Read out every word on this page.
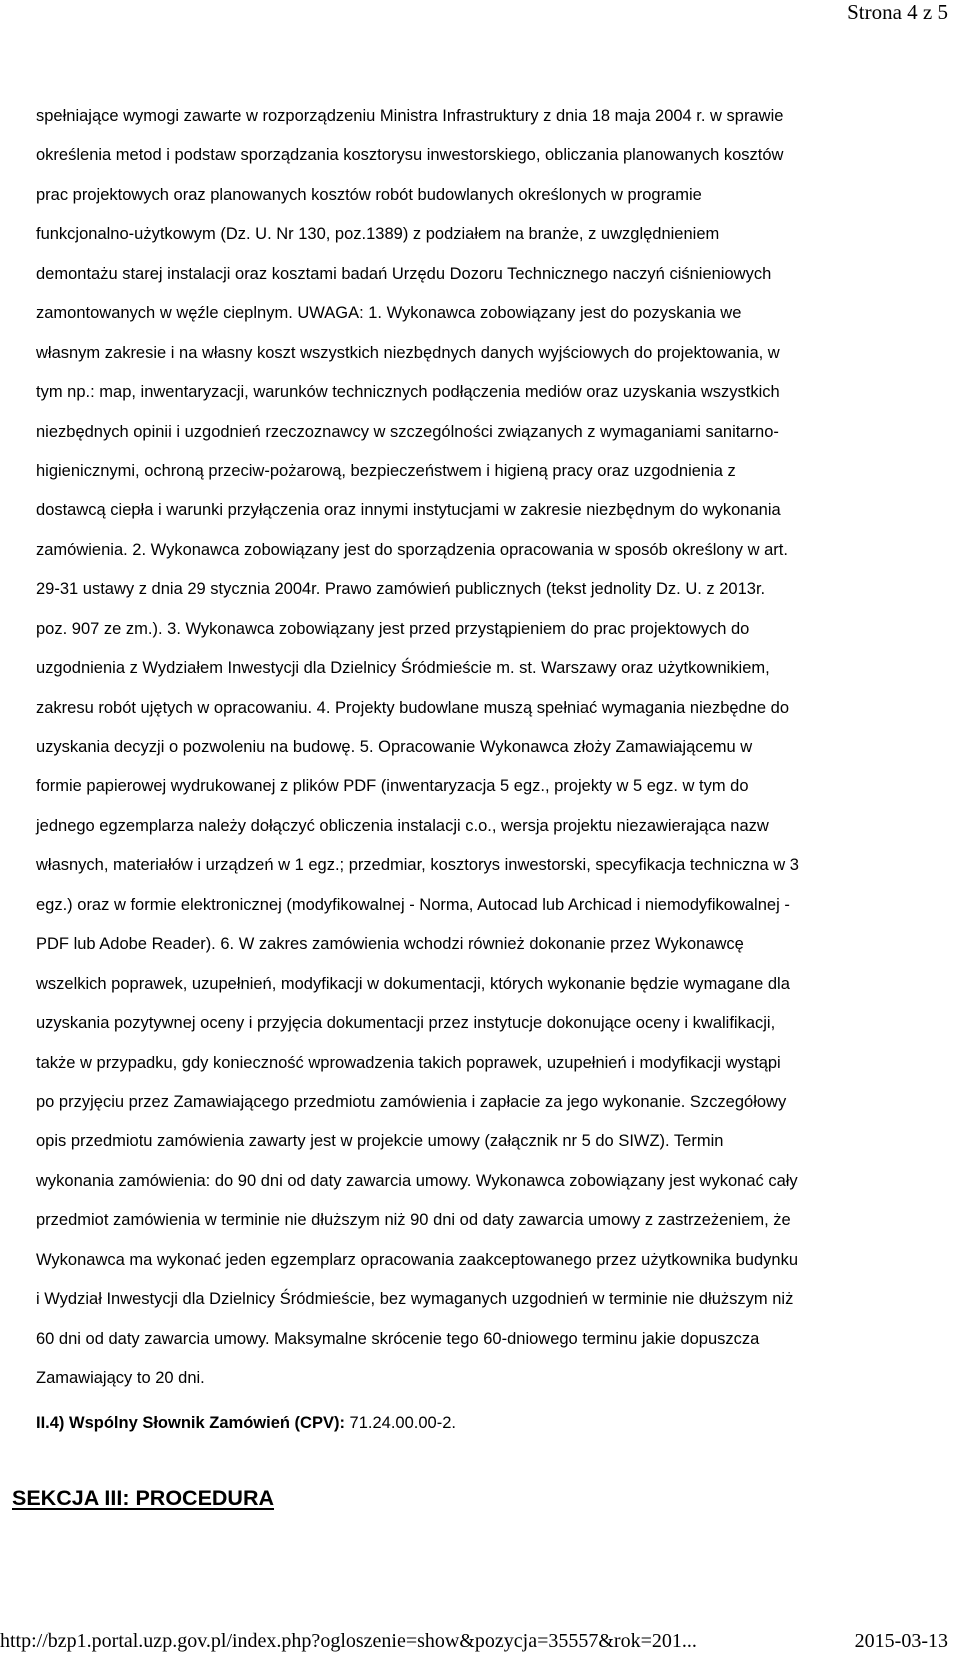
Strona 4 z 5
spełniające wymogi zawarte w rozporządzeniu Ministra Infrastruktury z dnia 18 maja 2004 r. w sprawie
określenia metod i podstaw sporządzania kosztorysu inwestorskiego, obliczania planowanych kosztów
prac projektowych oraz planowanych kosztów robót budowlanych określonych w programie
funkcjonalno-użytkowym (Dz. U. Nr 130, poz.1389) z podziałem na branże, z uwzględnieniem
demontażu starej instalacji oraz kosztami badań Urzędu Dozoru Technicznego naczyń ciśnieniowych
zamontowanych w węźle cieplnym. UWAGA: 1. Wykonawca zobowiązany jest do pozyskania we
własnym zakresie i na własny koszt wszystkich niezbędnych danych wyjściowych do projektowania, w
tym np.: map, inwentaryzacji, warunków technicznych podłączenia mediów oraz uzyskania wszystkich
niezbędnych opinii i uzgodnień rzeczoznawcy w szczególności związanych z wymaganiami sanitarno-
higienicznymi, ochroną przeciw-pożarową, bezpieczeństwem i higieną pracy oraz uzgodnienia z
dostawcą ciepła i warunki przyłączenia oraz innymi instytucjami w zakresie niezbędnym do wykonania
zamówienia. 2. Wykonawca zobowiązany jest do sporządzenia opracowania w sposób określony w art.
29-31 ustawy z dnia 29 stycznia 2004r. Prawo zamówień publicznych (tekst jednolity Dz. U. z 2013r.
poz. 907 ze zm.). 3. Wykonawca zobowiązany jest przed przystąpieniem do prac projektowych do
uzgodnienia z Wydziałem Inwestycji dla Dzielnicy Śródmieście m. st. Warszawy oraz użytkownikiem,
zakresu robót ujętych w opracowaniu. 4. Projekty budowlane muszą spełniać wymagania niezbędne do
uzyskania decyzji o pozwoleniu na budowę. 5. Opracowanie Wykonawca złoży Zamawiającemu w
formie papierowej wydrukowanej z plików PDF (inwentaryzacja 5 egz., projekty w 5 egz. w tym do
jednego egzemplarza należy dołączyć obliczenia instalacji c.o., wersja projektu niezawierająca nazw
własnych, materiałów i urządzeń w 1 egz.; przedmiar, kosztorys inwestorski, specyfikacja techniczna w 3
egz.) oraz w formie elektronicznej (modyfikowalnej - Norma, Autocad lub Archicad i niemodyfikowalnej -
PDF lub Adobe Reader). 6. W zakres zamówienia wchodzi również dokonanie przez Wykonawcę
wszelkich poprawek, uzupełnień, modyfikacji w dokumentacji, których wykonanie będzie wymagane dla
uzyskania pozytywnej oceny i przyjęcia dokumentacji przez instytucje dokonujące oceny i kwalifikacji,
także w przypadku, gdy konieczność wprowadzenia takich poprawek, uzupełnień i modyfikacji wystąpi
po przyjęciu przez Zamawiającego przedmiotu zamówienia i zapłacie za jego wykonanie. Szczegółowy
opis przedmiotu zamówienia zawarty jest w projekcie umowy (załącznik nr 5 do SIWZ). Termin
wykonania zamówienia: do 90 dni od daty zawarcia umowy. Wykonawca zobowiązany jest wykonać cały
przedmiot zamówienia w terminie nie dłuższym niż 90 dni od daty zawarcia umowy z zastrzeżeniem, że
Wykonawca ma wykonać jeden egzemplarz opracowania zaakceptowanego przez użytkownika budynku
i Wydział Inwestycji dla Dzielnicy Śródmieście, bez wymaganych uzgodnień w terminie nie dłuższym niż
60 dni od daty zawarcia umowy. Maksymalne skrócenie tego 60-dniowego terminu jakie dopuszcza
Zamawiający to 20 dni.
II.4) Wspólny Słownik Zamówień (CPV): 71.24.00.00-2.
SEKCJA III: PROCEDURA
http://bzp1.portal.uzp.gov.pl/index.php?ogloszenie=show&pozycja=35557&rok=201...	2015-03-13
